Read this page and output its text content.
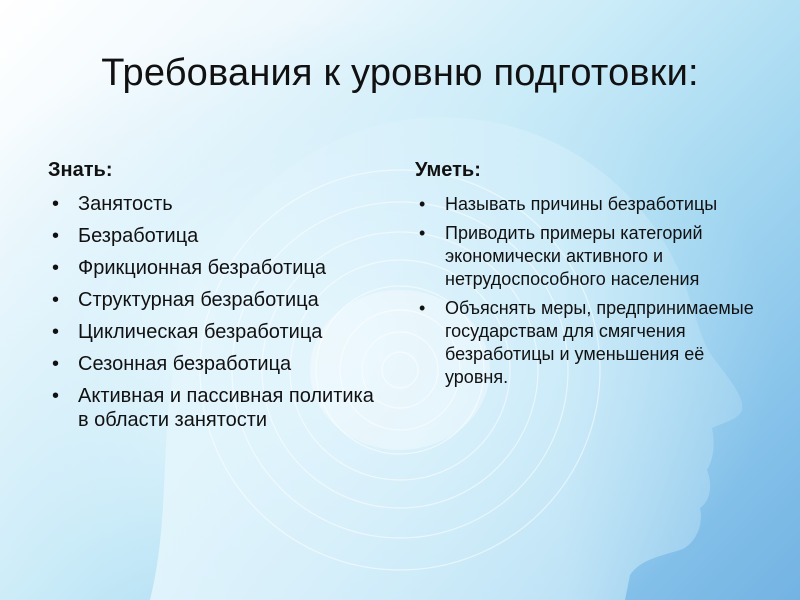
Требования к уровню подготовки:
Знать:
• Занятость
• Безработица
• Фрикционная безработица
• Структурная безработица
• Циклическая безработица
• Сезонная безработица
• Активная и пассивная политика в области занятости
Уметь:
• Называть причины безработицы
• Приводить примеры категорий экономически активного и нетрудоспособного населения
• Объяснять меры, предпринимаемые государствам для смягчения безработицы и уменьшения её уровня.
